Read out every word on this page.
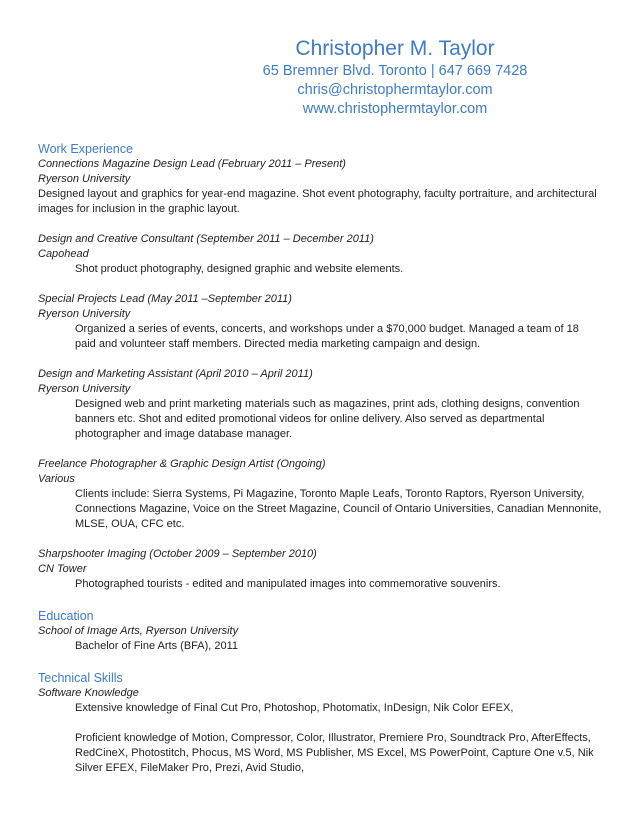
Christopher M. Taylor
65 Bremner Blvd. Toronto | 647 669 7428
chris@christophermtaylor.com
www.christophermtaylor.com
Work Experience
Connections Magazine Design Lead (February 2011 – Present)
Ryerson University
Designed layout and graphics for year-end magazine. Shot event photography, faculty portraiture, and architectural images for inclusion in the graphic layout.
Design and Creative Consultant (September 2011 – December 2011)
Capohead
Shot product photography, designed graphic and website elements.
Special Projects Lead (May 2011 –September 2011)
Ryerson University
Organized a series of events, concerts, and workshops under a $70,000 budget. Managed a team of 18 paid and volunteer staff members. Directed media marketing campaign and design.
Design and Marketing Assistant (April 2010 – April 2011)
Ryerson University
Designed web and print marketing materials such as magazines, print ads, clothing designs, convention banners etc. Shot and edited promotional videos for online delivery. Also served as departmental photographer and image database manager.
Freelance Photographer & Graphic Design Artist (Ongoing)
Various
Clients include: Sierra Systems, Pi Magazine, Toronto Maple Leafs, Toronto Raptors, Ryerson University, Connections Magazine, Voice on the Street Magazine, Council of Ontario Universities, Canadian Mennonite, MLSE, OUA, CFC etc.
Sharpshooter Imaging (October 2009 – September 2010)
CN Tower
Photographed tourists - edited and manipulated images into commemorative souvenirs.
Education
School of Image Arts, Ryerson University
Bachelor of Fine Arts (BFA), 2011
Technical Skills
Software Knowledge
Extensive knowledge of Final Cut Pro, Photoshop, Photomatix, InDesign, Nik Color EFEX,
Proficient knowledge of Motion, Compressor, Color, Illustrator, Premiere Pro, Soundtrack Pro, AfterEffects, RedCineX, Photostitch, Phocus, MS Word, MS Publisher, MS Excel, MS PowerPoint, Capture One v.5, Nik Silver EFEX, FileMaker Pro, Prezi, Avid Studio,
